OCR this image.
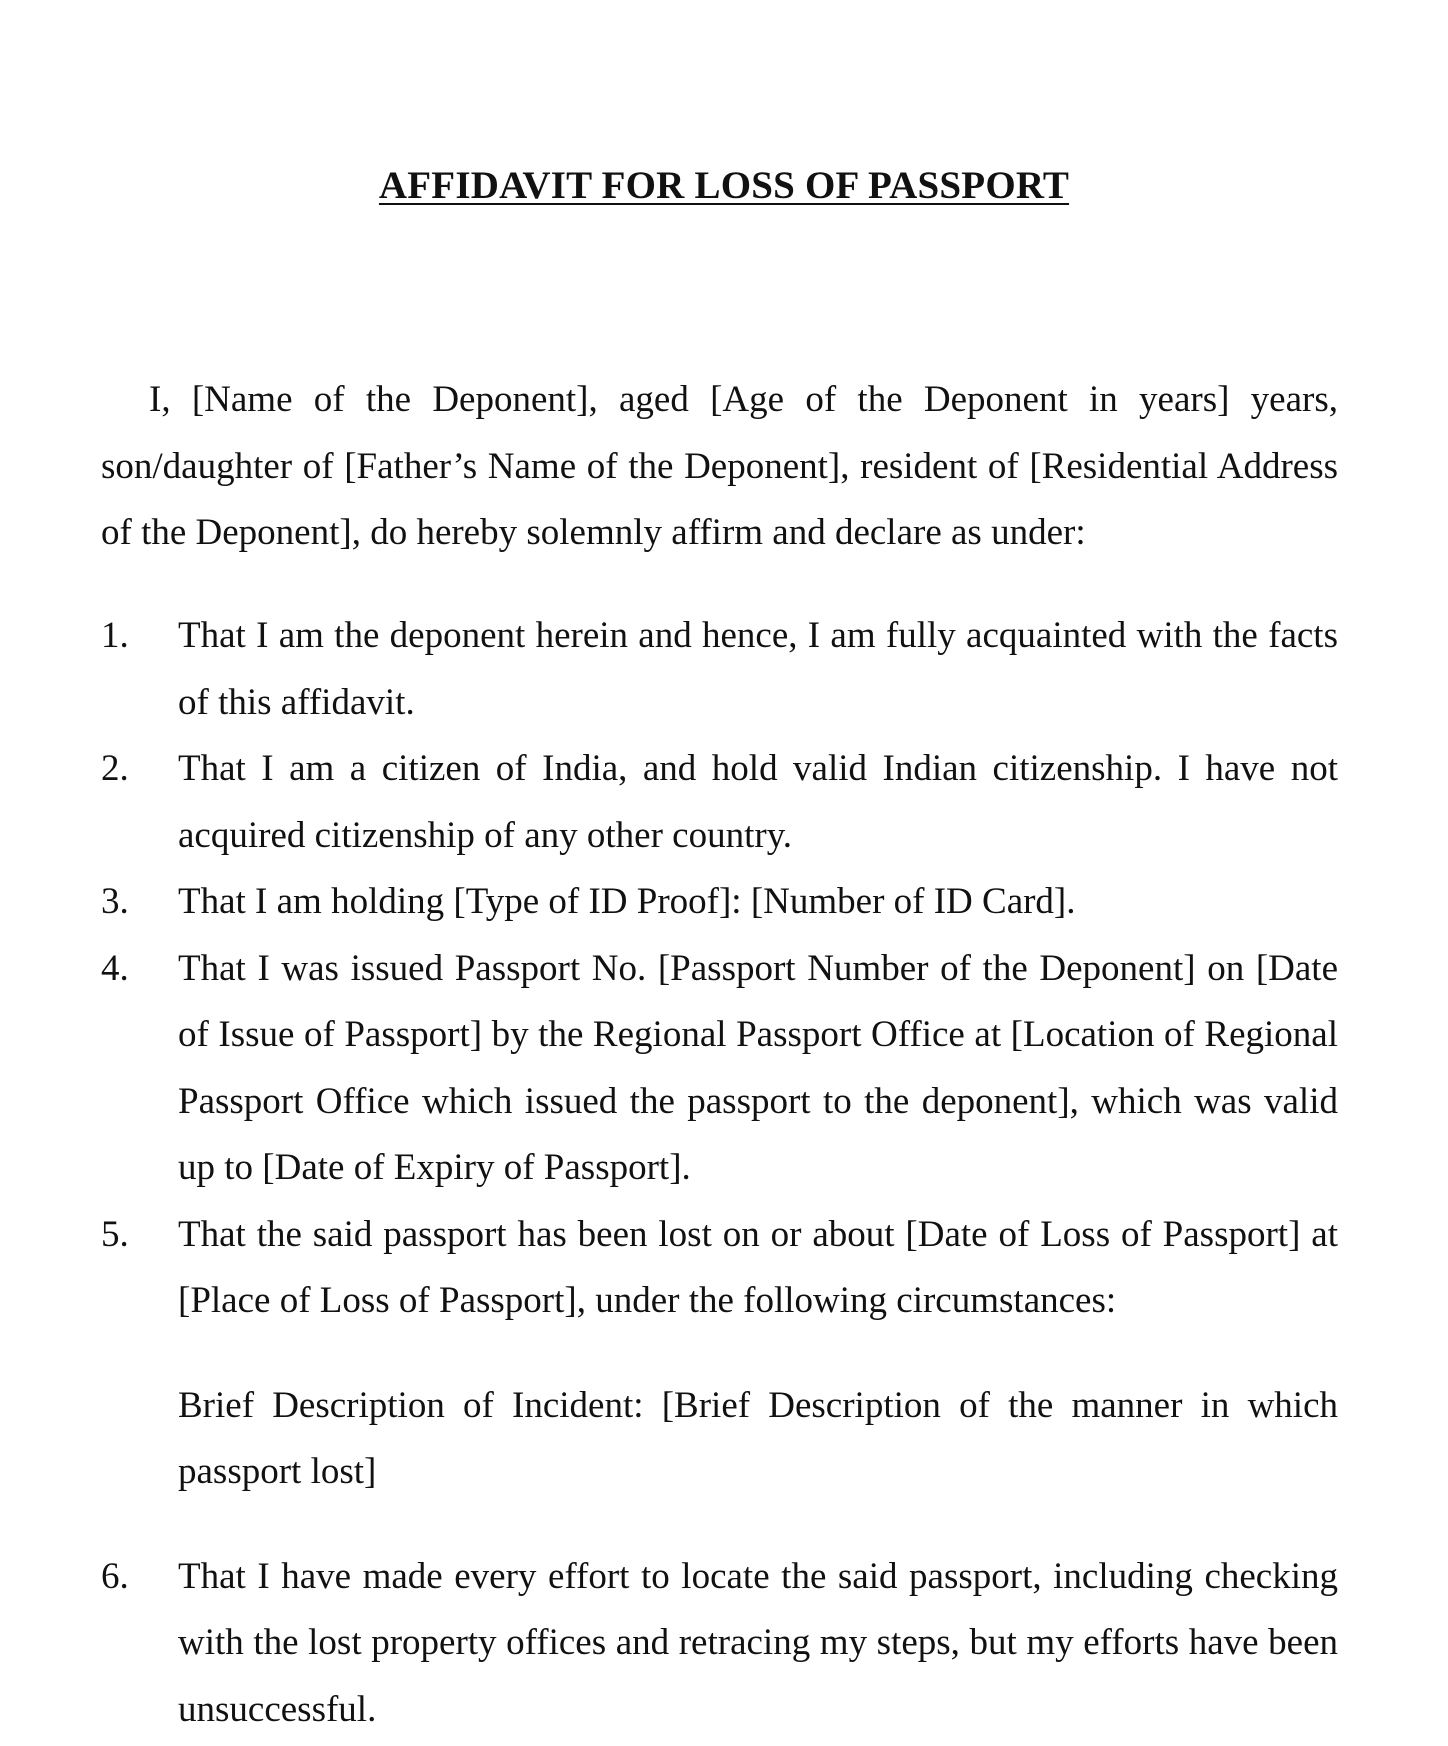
AFFIDAVIT FOR LOSS OF PASSPORT
I, [Name of the Deponent], aged [Age of the Deponent in years] years, son/daughter of [Father’s Name of the Deponent], resident of [Residential Address of the Deponent], do hereby solemnly affirm and declare as under:
1.	That I am the deponent herein and hence, I am fully acquainted with the facts of this affidavit.
2.	That I am a citizen of India, and hold valid Indian citizenship. I have not acquired citizenship of any other country.
3.	That I am holding [Type of ID Proof]: [Number of ID Card].
4.	That I was issued Passport No. [Passport Number of the Deponent] on [Date of Issue of Passport] by the Regional Passport Office at [Location of Regional Passport Office which issued the passport to the deponent], which was valid up to [Date of Expiry of Passport].
5.	That the said passport has been lost on or about [Date of Loss of Passport] at [Place of Loss of Passport], under the following circumstances:
Brief Description of Incident: [Brief Description of the manner in which passport lost]
6.	That I have made every effort to locate the said passport, including checking with the lost property offices and retracing my steps, but my efforts have been unsuccessful.
